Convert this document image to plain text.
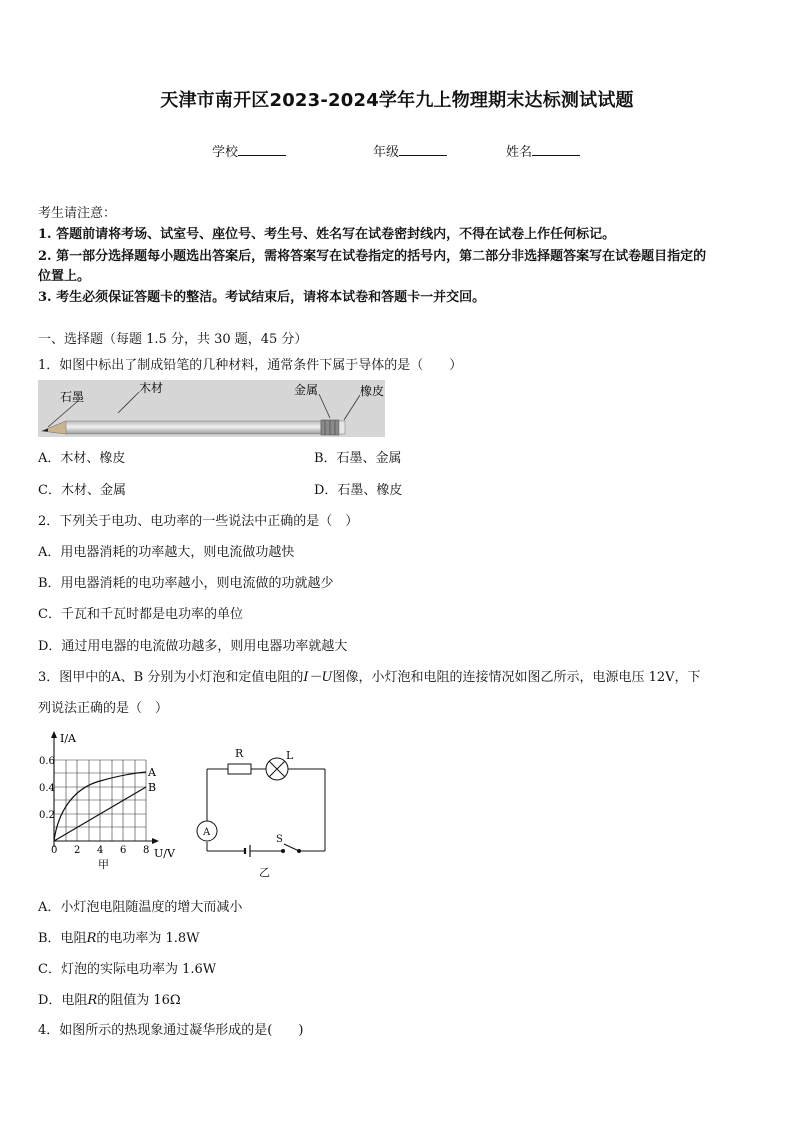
天津市南开区2023-2024学年九上物理期末达标测试试题
学校	年级	姓名
考生请注意：
1. 答题前请将考场、试室号、座位号、考生号、姓名写在试卷密封线内，不得在试卷上作任何标记。
2. 第一部分选择题每小题选出答案后，需将答案写在试卷指定的括号内，第二部分非选择题答案写在试卷题目指定的
位置上。
3. 考生必须保证答题卡的整洁。考试结束后，请将本试卷和答题卡一并交回。
一、选择题（每题 1.5 分，共 30 题，45 分）
1．如图中标出了制成铅笔的几种材料，通常条件下属于导体的是（　　）
石墨
木材	金属	橡皮
A．木材、橡皮	B．石墨、金属
C．木材、金属	D．石墨、橡皮
2．下列关于电功、电功率的一些说法中正确的是（　）
A．用电器消耗的功率越大，则电流做功越快
B．用电器消耗的电功率越小，则电流做的功就越少
C．千瓦和千瓦时都是电功率的单位
D．通过用电器的电流做功越多，则用电器功率就越大
3．图甲中的A、B 分别为小灯泡和定值电阻的I－U图像，小灯泡和电阻的连接情况如图乙所示，电源电压 12V，下
列说法正确的是（　）
A
B
I/A
U/V
0.6
0.4
0.2
0 2 4 6 8
甲
R	L
A
S
乙
A．小灯泡电阻随温度的增大而减小
B．电阻R的电功率为 1.8W
C．灯泡的实际电功率为 1.6W
D．电阻R的阻值为 16Ω
4．如图所示的热现象通过凝华形成的是(　　)
